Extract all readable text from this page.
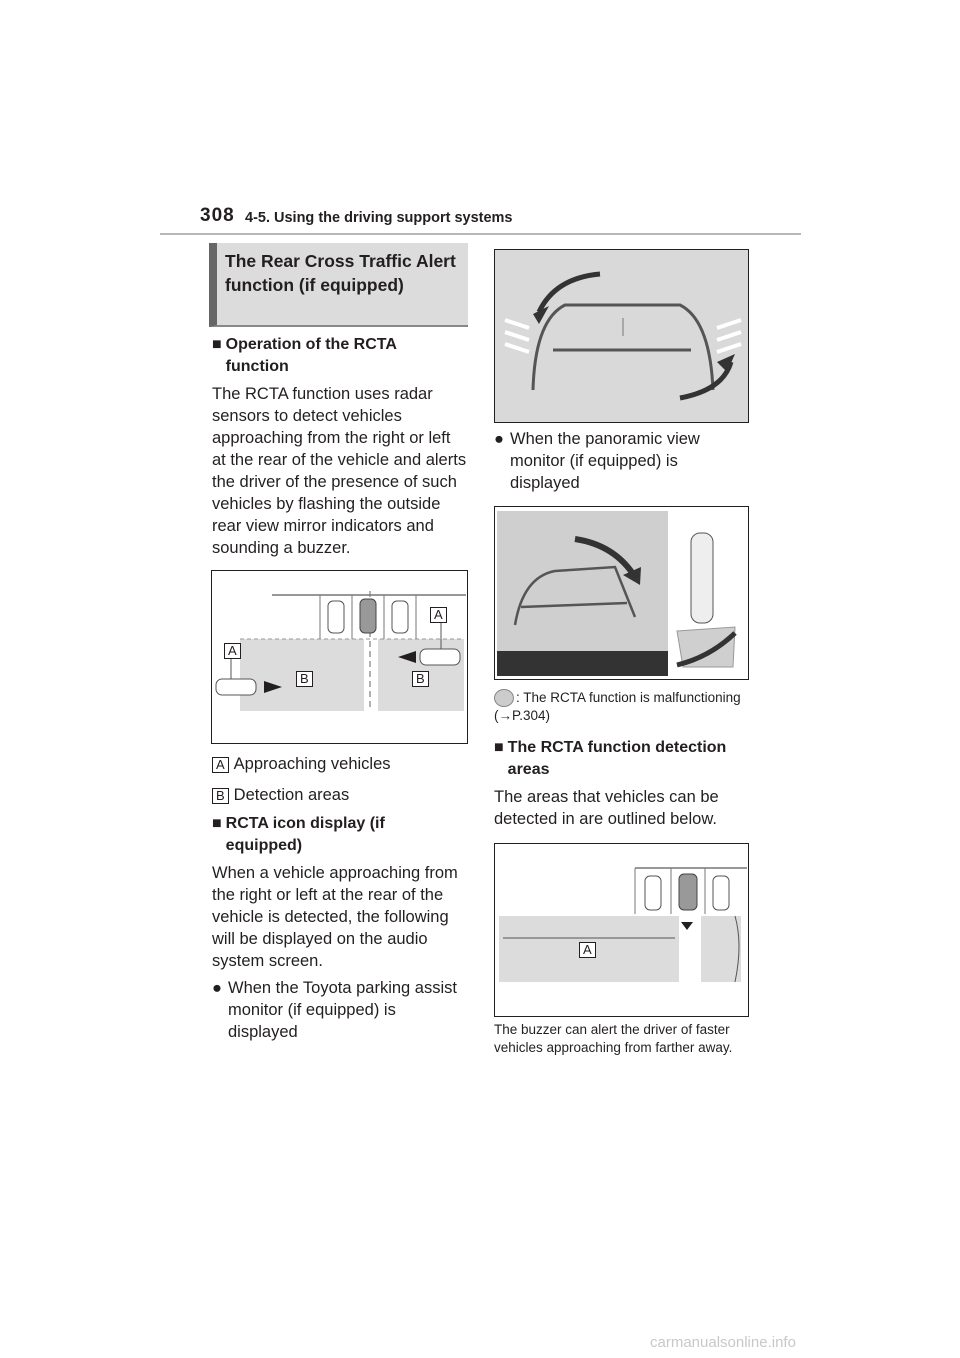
308 4-5. Using the driving support systems
The Rear Cross Traffic Alert function (if equipped)
■ Operation of the RCTA function
The RCTA function uses radar sensors to detect vehicles approaching from the right or left at the rear of the vehicle and alerts the driver of the presence of such vehicles by flashing the outside rear view mirror indicators and sounding a buzzer.
A
A
B	B
A Approaching vehicles
B Detection areas
■ RCTA icon display (if equipped)
When a vehicle approaching from the right or left at the rear of the vehicle is detected, the following will be displayed on the audio system screen.
● When the Toyota parking assist monitor (if equipped) is displayed
● When the panoramic view monitor (if equipped) is displayed
: The RCTA function is malfunctioning (→P.304)
■ The RCTA function detection areas
The areas that vehicles can be detected in are outlined below.
A
The buzzer can alert the driver of faster vehicles approaching from farther away.
carmanualsonline.info
